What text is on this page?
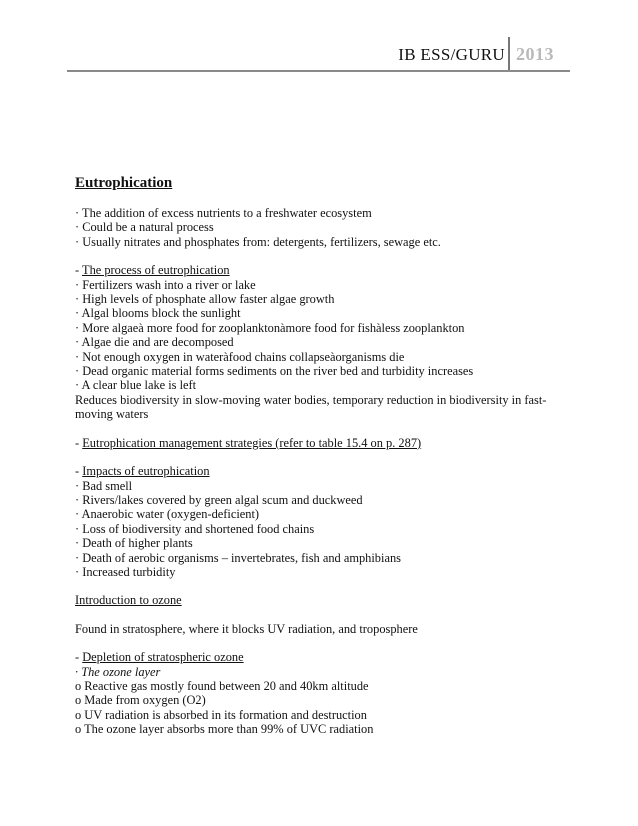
IB ESS/GURU 2013

Eutrophication

· The addition of excess nutrients to a freshwater ecosystem

· Could be a natural process

· Usually nitrates and phosphates from: detergents, fertilizers, sewage etc.

- The process of eutrophication

· Fertilizers wash into a river or lake

· High levels of phosphate allow faster algae growth

· Algal blooms block the sunlight

· More algaeà more food for zooplanktonàmore food for fishàless zooplankton

· Algae die and are decomposed

· Not enough oxygen in wateràfood chains collapseàorganisms die

· Dead organic material forms sediments on the river bed and turbidity increases

· A clear blue lake is left

Reduces biodiversity in slow-moving water bodies, temporary reduction in biodiversity in fast-

moving waters

- Eutrophication management strategies (refer to table 15.4 on p. 287)

- Impacts of eutrophication

· Bad smell

· Rivers/lakes covered by green algal scum and duckweed

· Anaerobic water (oxygen-deficient)

· Loss of biodiversity and shortened food chains

· Death of higher plants

· Death of aerobic organisms – invertebrates, fish and amphibians

· Increased turbidity

Introduction to ozone

Found in stratosphere, where it blocks UV radiation, and troposphere

- Depletion of stratospheric ozone

· The ozone layer

o Reactive gas mostly found between 20 and 40km altitude

o Made from oxygen (O2)

o UV radiation is absorbed in its formation and destruction

o The ozone layer absorbs more than 99% of UVC radiation
